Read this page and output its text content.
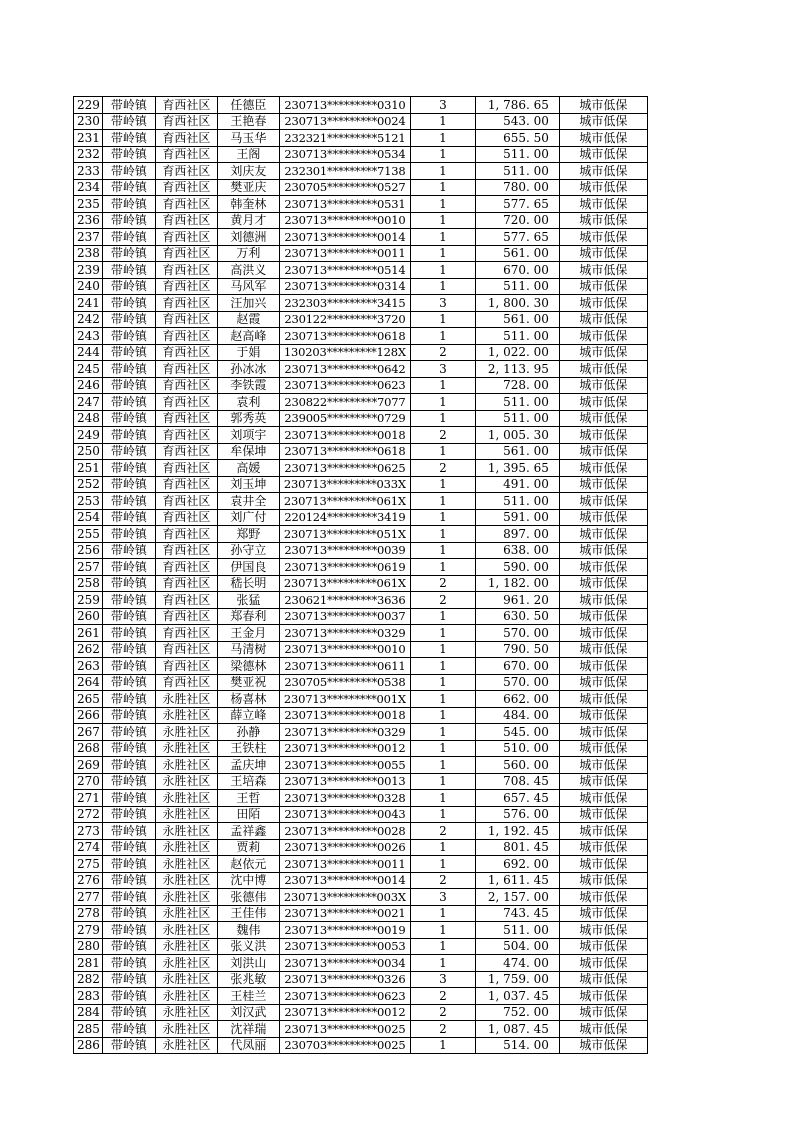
229	带岭镇	育西社区	任德臣	230713*********0310	3	1, 786. 65	城市低保
230	带岭镇	育西社区	王艳春	230713*********0024	1	543. 00	城市低保
231	带岭镇	育西社区	马玉华	232321*********5121	1	655. 50	城市低保
232	带岭镇	育西社区	王阁	230713*********0534	1	511. 00	城市低保
233	带岭镇	育西社区	刘庆友	232301*********7138	1	511. 00	城市低保
234	带岭镇	育西社区	樊亚庆	230705*********0527	1	780. 00	城市低保
235	带岭镇	育西社区	韩奎林	230713*********0531	1	577. 65	城市低保
236	带岭镇	育西社区	黄月才	230713*********0010	1	720. 00	城市低保
237	带岭镇	育西社区	刘德洲	230713*********0014	1	577. 65	城市低保
238	带岭镇	育西社区	万利	230713*********0011	1	561. 00	城市低保
239	带岭镇	育西社区	高洪义	230713*********0514	1	670. 00	城市低保
240	带岭镇	育西社区	马风军	230713*********0314	1	511. 00	城市低保
241	带岭镇	育西社区	汪加兴	232303*********3415	3	1, 800. 30	城市低保
242	带岭镇	育西社区	赵霞	230122*********3720	1	561. 00	城市低保
243	带岭镇	育西社区	赵高峰	230713*********0618	1	511. 00	城市低保
244	带岭镇	育西社区	于娟	130203*********128X	2	1, 022. 00	城市低保
245	带岭镇	育西社区	孙冰冰	230713*********0642	3	2, 113. 95	城市低保
246	带岭镇	育西社区	李铁霞	230713*********0623	1	728. 00	城市低保
247	带岭镇	育西社区	袁利	230822*********7077	1	511. 00	城市低保
248	带岭镇	育西社区	郭秀英	239005*********0729	1	511. 00	城市低保
249	带岭镇	育西社区	刘项宇	230713*********0018	2	1, 005. 30	城市低保
250	带岭镇	育西社区	牟保坤	230713*********0618	1	561. 00	城市低保
251	带岭镇	育西社区	高媛	230713*********0625	2	1, 395. 65	城市低保
252	带岭镇	育西社区	刘玉坤	230713*********033X	1	491. 00	城市低保
253	带岭镇	育西社区	袁井全	230713*********061X	1	511. 00	城市低保
254	带岭镇	育西社区	刘广付	220124*********3419	1	591. 00	城市低保
255	带岭镇	育西社区	郑野	230713*********051X	1	897. 00	城市低保
256	带岭镇	育西社区	孙守立	230713*********0039	1	638. 00	城市低保
257	带岭镇	育西社区	伊国良	230713*********0619	1	590. 00	城市低保
258	带岭镇	育西社区	嵇长明	230713*********061X	2	1, 182. 00	城市低保
259	带岭镇	育西社区	张猛	230621*********3636	2	961. 20	城市低保
260	带岭镇	育西社区	郑春利	230713*********0037	1	630. 50	城市低保
261	带岭镇	育西社区	王金月	230713*********0329	1	570. 00	城市低保
262	带岭镇	育西社区	马清树	230713*********0010	1	790. 50	城市低保
263	带岭镇	育西社区	梁德林	230713*********0611	1	670. 00	城市低保
264	带岭镇	育西社区	樊亚祝	230705*********0538	1	570. 00	城市低保
265	带岭镇	永胜社区	杨喜林	230713*********001X	1	662. 00	城市低保
266	带岭镇	永胜社区	薛立峰	230713*********0018	1	484. 00	城市低保
267	带岭镇	永胜社区	孙静	230713*********0329	1	545. 00	城市低保
268	带岭镇	永胜社区	王铁柱	230713*********0012	1	510. 00	城市低保
269	带岭镇	永胜社区	孟庆坤	230713*********0055	1	560. 00	城市低保
270	带岭镇	永胜社区	王培森	230713*********0013	1	708. 45	城市低保
271	带岭镇	永胜社区	王哲	230713*********0328	1	657. 45	城市低保
272	带岭镇	永胜社区	田陌	230713*********0043	1	576. 00	城市低保
273	带岭镇	永胜社区	孟祥鑫	230713*********0028	2	1, 192. 45	城市低保
274	带岭镇	永胜社区	贾莉	230713*********0026	1	801. 45	城市低保
275	带岭镇	永胜社区	赵依元	230713*********0011	1	692. 00	城市低保
276	带岭镇	永胜社区	沈中博	230713*********0014	2	1, 611. 45	城市低保
277	带岭镇	永胜社区	张德伟	230713*********003X	3	2, 157. 00	城市低保
278	带岭镇	永胜社区	王佳伟	230713*********0021	1	743. 45	城市低保
279	带岭镇	永胜社区	魏伟	230713*********0019	1	511. 00	城市低保
280	带岭镇	永胜社区	张义洪	230713*********0053	1	504. 00	城市低保
281	带岭镇	永胜社区	刘洪山	230713*********0034	1	474. 00	城市低保
282	带岭镇	永胜社区	张兆敏	230713*********0326	3	1, 759. 00	城市低保
283	带岭镇	永胜社区	王桂兰	230713*********0623	2	1, 037. 45	城市低保
284	带岭镇	永胜社区	刘汉武	230713*********0012	2	752. 00	城市低保
285	带岭镇	永胜社区	沈祥瑞	230713*********0025	2	1, 087. 45	城市低保
286	带岭镇	永胜社区	代凤丽	230703*********0025	1	514. 00	城市低保
